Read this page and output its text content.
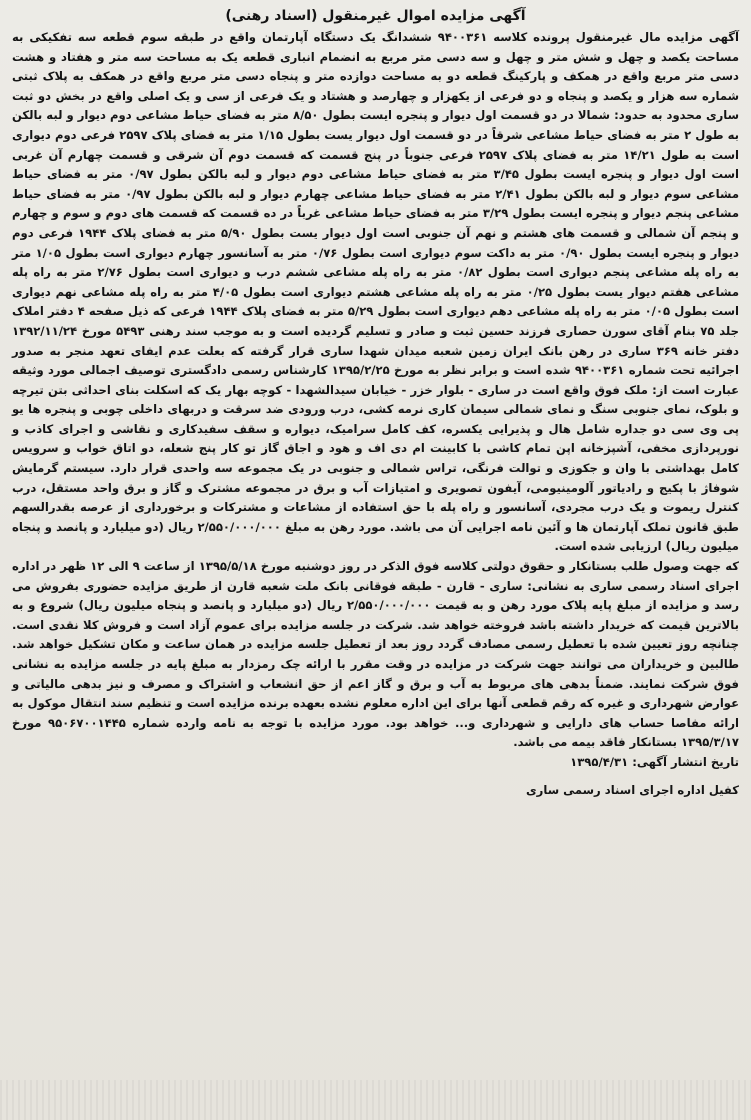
آگهی مزایده اموال غیرمنقول (اسناد رهنی)

آگهی مزایده مال غیرمنقول پرونده کلاسه ۹۴۰۰۳۶۱ ششدانگ یک دستگاه آپارتمان واقع در طبقه سوم قطعه سه تفکیکی به مساحت یکصد و چهل و شش متر و چهل و سه دسی متر مربع به انضمام انباری قطعه یک به مساحت سه متر و هفتاد و هشت دسی متر مربع واقع در همکف و پارکینگ قطعه دو به مساحت دوازده متر و پنجاه دسی متر مربع واقع در همکف به پلاک ثبتی شماره سه هزار و یکصد و پنجاه و دو فرعی از یکهزار و چهارصد و هشتاد و یک فرعی از سی و یک اصلی واقع در بخش دو ثبت ساری محدود به حدود: شمالا در دو قسمت اول دیوار و پنجره ایست بطول ۸/۵۰ متر به فضای حیاط مشاعی دوم دیوار و لبه بالکن به طول ۲ متر به فضای حیاط مشاعی شرقاً در دو قسمت اول دیوار یست بطول ۱/۱۵ متر به فضای پلاک ۲۵۹۷ فرعی دوم دیواری است به طول ۱۴/۲۱ متر به فضای پلاک ۲۵۹۷ فرعی جنوباً در پنج قسمت که قسمت دوم آن شرقی و قسمت چهارم آن غربی است اول دیوار و پنجره ایست بطول ۳/۴۵ متر به فضای حیاط مشاعی دوم دیوار و لبه بالکن بطول ۰/۹۷ متر به فضای حیاط مشاعی سوم دیوار و لبه بالکن بطول ۲/۴۱ متر به فضای حیاط مشاعی چهارم دیوار و لبه بالکن بطول ۰/۹۷ متر به فضای حیاط مشاعی پنجم دیوار و پنجره ایست بطول ۳/۲۹ متر به فضای حیاط مشاعی غرباً در ده قسمت که قسمت های دوم و سوم و چهارم و پنجم آن شمالی و قسمت های هشتم و نهم آن جنوبی است اول دیوار یست بطول ۵/۹۰ متر به فضای پلاک ۱۹۴۴ فرعی دوم دیوار و پنجره ایست بطول ۰/۹۰ متر به داکت سوم دیواری است بطول ۰/۷۶ متر به آسانسور چهارم دیواری است بطول ۱/۰۵ متر به راه پله مشاعی پنجم دیواری است بطول ۰/۸۲ متر به راه پله مشاعی ششم درب و دیواری است بطول ۲/۷۶ متر به راه پله مشاعی هفتم دیوار یست بطول ۰/۲۵ متر به راه پله مشاعی هشتم دیواری است بطول ۴/۰۵ متر به راه پله مشاعی نهم دیواری است بطول ۰/۰۵ متر به راه پله مشاعی دهم دیواری است بطول ۵/۲۹ متر به فضای پلاک ۱۹۴۴ فرعی که ذیل صفحه ۴ دفتر املاک جلد ۷۵ بنام آقای سورن حصاری فرزند حسین ثبت و صادر و تسلیم گردیده است و به موجب سند رهنی ۵۴۹۳ مورخ ۱۳۹۲/۱۱/۲۴ دفتر خانه ۳۶۹ ساری در رهن بانک ایران زمین شعبه میدان شهدا ساری قرار گرفته که بعلت عدم ایفای تعهد منجر به صدور اجرائیه تحت شماره ۹۴۰۰۳۶۱ شده است و برابر نظر به مورخ ۱۳۹۵/۲/۲۵ کارشناس رسمی دادگستری توصیف اجمالی مورد وثیقه عبارت است از: ملک فوق واقع است در ساری - بلوار خزر - خیابان سیدالشهدا - کوچه بهار یک که اسکلت بنای احداثی بتن تیرچه و بلوک، نمای جنوبی سنگ و نمای شمالی سیمان کاری نرمه کشی، درب ورودی ضد سرقت و دربهای داخلی چوبی و پنجره ها یو پی وی سی دو جداره شامل هال و پذیرایی یکسره، کف کامل سرامیک، دیواره و سقف سفیدکاری و نقاشی و اجرای کاذب و نورپردازی مخفی، آشپزخانه اپن تمام کاشی با کابینت ام دی اف و هود و اجاق گاز تو کار پنج شعله، دو اتاق خواب و سرویس کامل بهداشتی با وان و جکوزی و توالت فرنگی، تراس شمالی و جنوبی در یک مجموعه سه واحدی قرار دارد. سیستم گرمایش شوفاژ با پکیج و رادیاتور آلومینیومی، آیفون تصویری و امتیازات آب و برق در مجموعه مشترک و گاز و برق واحد مستقل، درب کنترل ریموت و یک درب مجردی، آسانسور و راه پله با حق استفاده از مشاعات و مشترکات و برخورداری از عرصه بقدرالسهم طبق قانون تملک آپارتمان ها و آئین نامه اجرایی آن می باشد. مورد رهن به مبلغ ۲/۵۵۰/۰۰۰/۰۰۰ ریال (دو میلیارد و پانصد و پنجاه میلیون ریال) ارزیابی شده است.

که جهت وصول طلب بستانکار و حقوق دولتی کلاسه فوق الذکر در روز دوشنبه مورخ ۱۳۹۵/۵/۱۸ از ساعت ۹ الی ۱۲ ظهر در اداره اجرای اسناد رسمی ساری به نشانی: ساری - قارن - طبقه فوقانی بانک ملت شعبه قارن از طریق مزایده حضوری بفروش می رسد و مزایده از مبلغ پایه پلاک مورد رهن و به قیمت ۲/۵۵۰/۰۰۰/۰۰۰ ریال (دو میلیارد و پانصد و پنجاه میلیون ریال) شروع و به بالاترین قیمت که خریدار داشته باشد فروخته خواهد شد. شرکت در جلسه مزایده برای عموم آزاد است و فروش کلا نقدی است. چنانچه روز تعیین شده با تعطیل رسمی مصادف گردد روز بعد از تعطیل جلسه مزایده در همان ساعت و مکان تشکیل خواهد شد. طالبین و خریداران می توانند جهت شرکت در مزایده در وقت مقرر با ارائه چک رمزدار به مبلغ پایه در جلسه مزایده به نشانی فوق شرکت نمایند. ضمناً بدهی های مربوط به آب و برق و گاز اعم از حق انشعاب و اشتراک و مصرف و نیز بدهی مالیاتی و عوارض شهرداری و غیره که رقم قطعی آنها برای این اداره معلوم نشده بعهده برنده مزایده است و تنظیم سند انتقال موکول به ارائه مفاصا حساب های دارایی و شهرداری و... خواهد بود. مورد مزایده با توجه به نامه وارده شماره ۹۵۰۶۷۰۰۱۴۴۵ مورخ ۱۳۹۵/۳/۱۷ بستانکار فاقد بیمه می باشد.

تاریخ انتشار آگهی: ۱۳۹۵/۴/۳۱
کفیل اداره اجرای اسناد رسمی ساری
